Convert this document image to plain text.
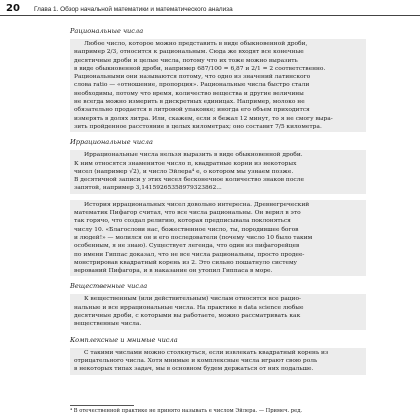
20	Глава 1. Обзор начальной математики и математического анализа
Рациональные числа
Любое число, которое можно представить в виде обыкновенной дроби,
например 2/3, относится к рациональным. Сюда же входят все конечные
десятичные дроби и целые числа, потому что их тоже можно выразить
в виде обыкновенной дроби, например 687/100 = 6,87 и 2/1 = 2 соответственно.
Рациональными они называются потому, что одно из значений латинского
слова ratio — «отношение, пропорция». Рациональные числа быстро стали
необходимы, потому что время, количество вещества и другие величины
не всегда можно измерить в дискретных единицах. Например, молоко не
обязательно продается в литровой упаковке; иногда его объем приходится
измерять в долях литра. Или, скажем, если я бежал 12 минут, то я не смогу выра-
зить пройденное расстояние в целых километрах; оно составит 7/5 километра.
Иррациональные числа
Иррациональные числа нельзя выразить в виде обыкновенной дроби.
К ним относятся знаменитое число π, квадратные корни из некоторых
чисел (например √2), и число Эйлера⁴ e, о котором мы узнаем позже.
В десятичной записи у этих чисел бесконечное количество знаков после
запятой, например 3,14159265358979323862...
История иррациональных чисел довольно интересна. Древнегреческий
математик Пифагор считал, что все числа рациональны. Он верил в это
так горячо, что создал религию, которая предписывала поклоняться
числу 10. «Благослови нас, божественное число, ты, породившее богов
и людей!» — молился он и его последователи (почему число 10 было таким
особенным, я не знаю). Существует легенда, что один из пифагорейцев
по имени Гиппас доказал, что не все числа рациональны, просто продеe-
монстрировав квадратный корень из 2. Это сильно пошатнуло систему
верований Пифагора, и в наказание он утопил Гиппаса в море.
Вещественные числа
К вещественным (или действительным) числам относятся все рацио-
нальные и все иррациональные числа. На практике в data science любые
десятичные дроби, с которыми вы работаете, можно рассматривать как
вещественные числа.
Комплексные и мнимые числа
С такими числами можно столкнуться, если извлекать квадратный корень из
отрицательного числа. Хотя мнимые и комплексные числа играют свою роль
в некоторых типах задач, мы в основном будем держаться от них подальше.
⁴ В отечественной практике не принято называть e числом Эйлера. — Примеч. ред.
